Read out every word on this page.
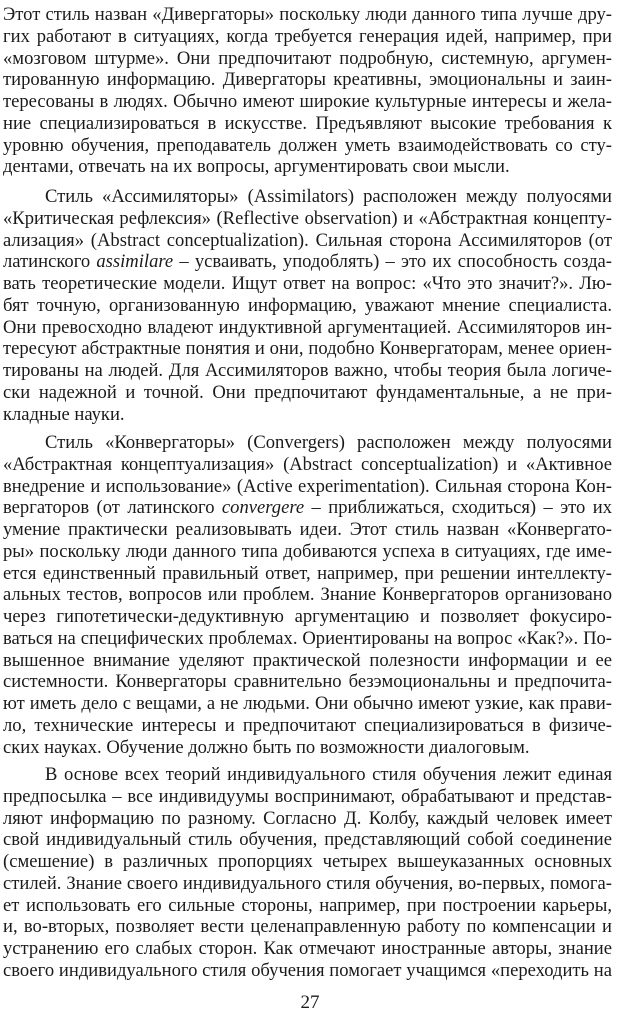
Этот стиль назван «Дивергаторы» поскольку люди данного типа лучше дру-
гих работают в ситуациях, когда требуется генерация идей, например, при
«мозговом штурме». Они предпочитают подробную, системную, аргумен-
тированную информацию. Дивергаторы креативны, эмоциональны и заин-
тересованы в людях. Обычно имеют широкие культурные интересы и жела-
ние специализироваться в искусстве. Предъявляют высокие требования к
уровню обучения, преподаватель должен уметь взаимодействовать со сту-
дентами, отвечать на их вопросы, аргументировать свои мысли.
Стиль «Ассимиляторы» (Assimilators) расположен между полуосями
«Критическая рефлексия» (Reflective observation) и «Абстрактная концепту-
ализация» (Abstract conceptualization). Сильная сторона Ассимиляторов (от
латинского assimilare – усваивать, уподоблять) – это их способность созда-
вать теоретические модели. Ищут ответ на вопрос: «Что это значит?». Лю-
бят точную, организованную информацию, уважают мнение специалиста.
Они превосходно владеют индуктивной аргументацией. Ассимиляторов ин-
тересуют абстрактные понятия и они, подобно Конвергаторам, менее ориен-
тированы на людей. Для Ассимиляторов важно, чтобы теория была логиче-
ски надежной и точной. Они предпочитают фундаментальные, а не при-
кладные науки.
Стиль «Конвергаторы» (Convergers) расположен между полуосями
«Абстрактная концептуализация» (Abstract conceptualization) и «Активное
внедрение и использование» (Active experimentation). Сильная сторона Кон-
вергаторов (от латинского convergere – приближаться, сходиться) – это их
умение практически реализовывать идеи. Этот стиль назван «Конвергато-
ры» поскольку люди данного типа добиваются успеха в ситуациях, где име-
ется единственный правильный ответ, например, при решении интеллекту-
альных тестов, вопросов или проблем. Знание Конвергаторов организовано
через гипотетически-дедуктивную аргументацию и позволяет фокусиро-
ваться на специфических проблемах. Ориентированы на вопрос «Как?». По-
вышенное внимание уделяют практической полезности информации и ее
системности. Конвергаторы сравнительно безэмоциональны и предпочита-
ют иметь дело с вещами, а не людьми. Они обычно имеют узкие, как прави-
ло, технические интересы и предпочитают специализироваться в физиче-
ских науках. Обучение должно быть по возможности диалоговым.
В основе всех теорий индивидуального стиля обучения лежит единая
предпосылка – все индивидуумы воспринимают, обрабатывают и представ-
ляют информацию по разному. Согласно Д. Колбу, каждый человек имеет
свой индивидуальный стиль обучения, представляющий собой соединение
(смешение) в различных пропорциях четырех вышеуказанных основных
стилей. Знание своего индивидуального стиля обучения, во-первых, помога-
ет использовать его сильные стороны, например, при построении карьеры,
и, во-вторых, позволяет вести целенаправленную работу по компенсации и
устранению его слабых сторон. Как отмечают иностранные авторы, знание
своего индивидуального стиля обучения помогает учащимся «переходить на
27
